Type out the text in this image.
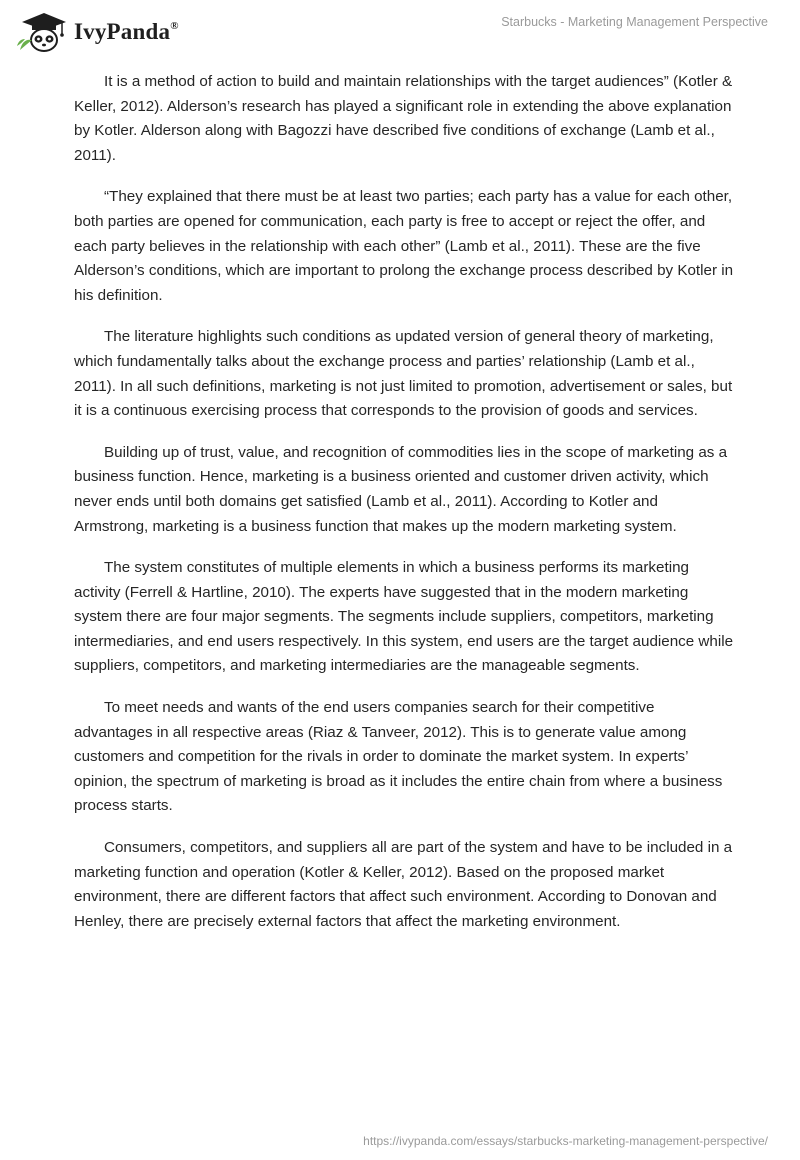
IvyPanda®	Starbucks - Marketing Management Perspective

It is a method of action to build and maintain relationships with the target audiences” (Kotler & Keller, 2012). Alderson’s research has played a significant role in extending the above explanation by Kotler. Alderson along with Bagozzi have described five conditions of exchange (Lamb et al., 2011).

“They explained that there must be at least two parties; each party has a value for each other, both parties are opened for communication, each party is free to accept or reject the offer, and each party believes in the relationship with each other” (Lamb et al., 2011). These are the five Alderson’s conditions, which are important to prolong the exchange process described by Kotler in his definition.

The literature highlights such conditions as updated version of general theory of marketing, which fundamentally talks about the exchange process and parties’ relationship (Lamb et al., 2011). In all such definitions, marketing is not just limited to promotion, advertisement or sales, but it is a continuous exercising process that corresponds to the provision of goods and services.

Building up of trust, value, and recognition of commodities lies in the scope of marketing as a business function. Hence, marketing is a business oriented and customer driven activity, which never ends until both domains get satisfied (Lamb et al., 2011). According to Kotler and Armstrong, marketing is a business function that makes up the modern marketing system.

The system constitutes of multiple elements in which a business performs its marketing activity (Ferrell & Hartline, 2010). The experts have suggested that in the modern marketing system there are four major segments. The segments include suppliers, competitors, marketing intermediaries, and end users respectively. In this system, end users are the target audience while suppliers, competitors, and marketing intermediaries are the manageable segments.

To meet needs and wants of the end users companies search for their competitive advantages in all respective areas (Riaz & Tanveer, 2012). This is to generate value among customers and competition for the rivals in order to dominate the market system. In experts’ opinion, the spectrum of marketing is broad as it includes the entire chain from where a business process starts.

Consumers, competitors, and suppliers all are part of the system and have to be included in a marketing function and operation (Kotler & Keller, 2012). Based on the proposed market environment, there are different factors that affect such environment. According to Donovan and Henley, there are precisely external factors that affect the marketing environment.

https://ivypanda.com/essays/starbucks-marketing-management-perspective/
